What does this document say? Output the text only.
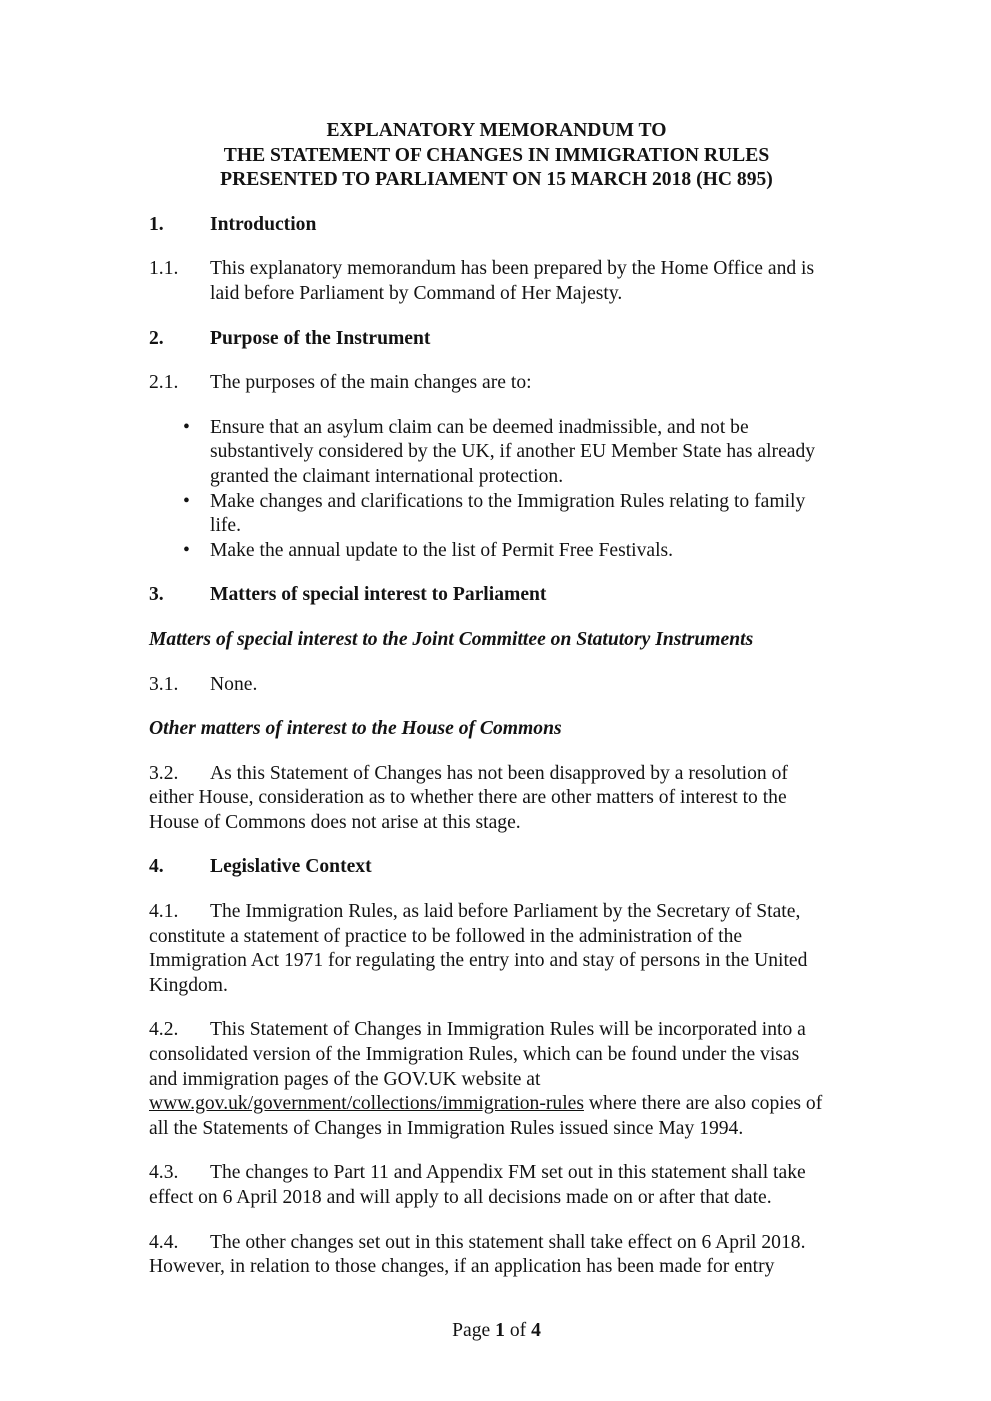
EXPLANATORY MEMORANDUM TO
THE STATEMENT OF CHANGES IN IMMIGRATION RULES
PRESENTED TO PARLIAMENT ON 15 MARCH 2018 (HC 895)
1.	Introduction
1.1.	This explanatory memorandum has been prepared by the Home Office and is
laid before Parliament by Command of Her Majesty.
2.	Purpose of the Instrument
2.1.	The purposes of the main changes are to:
•	Ensure that an asylum claim can be deemed inadmissible, and not be
substantively considered by the UK, if another EU Member State has already
granted the claimant international protection.
•	Make changes and clarifications to the Immigration Rules relating to family
life.
•	Make the annual update to the list of Permit Free Festivals.
3.	Matters of special interest to Parliament
Matters of special interest to the Joint Committee on Statutory Instruments
3.1.	None.
Other matters of interest to the House of Commons
3.2. As this Statement of Changes has not been disapproved by a resolution of
either House, consideration as to whether there are other matters of interest to the
House of Commons does not arise at this stage.
4.	Legislative Context
4.1. The Immigration Rules, as laid before Parliament by the Secretary of State,
constitute a statement of practice to be followed in the administration of the
Immigration Act 1971 for regulating the entry into and stay of persons in the United
Kingdom.
4.2. This Statement of Changes in Immigration Rules will be incorporated into a
consolidated version of the Immigration Rules, which can be found under the visas
and immigration pages of the GOV.UK website at
www.gov.uk/government/collections/immigration-rules where there are also copies of
all the Statements of Changes in Immigration Rules issued since May 1994.
4.3. The changes to Part 11 and Appendix FM set out in this statement shall take
effect on 6 April 2018 and will apply to all decisions made on or after that date.
4.4. The other changes set out in this statement shall take effect on 6 April 2018.
However, in relation to those changes, if an application has been made for entry
Page 1 of 4
